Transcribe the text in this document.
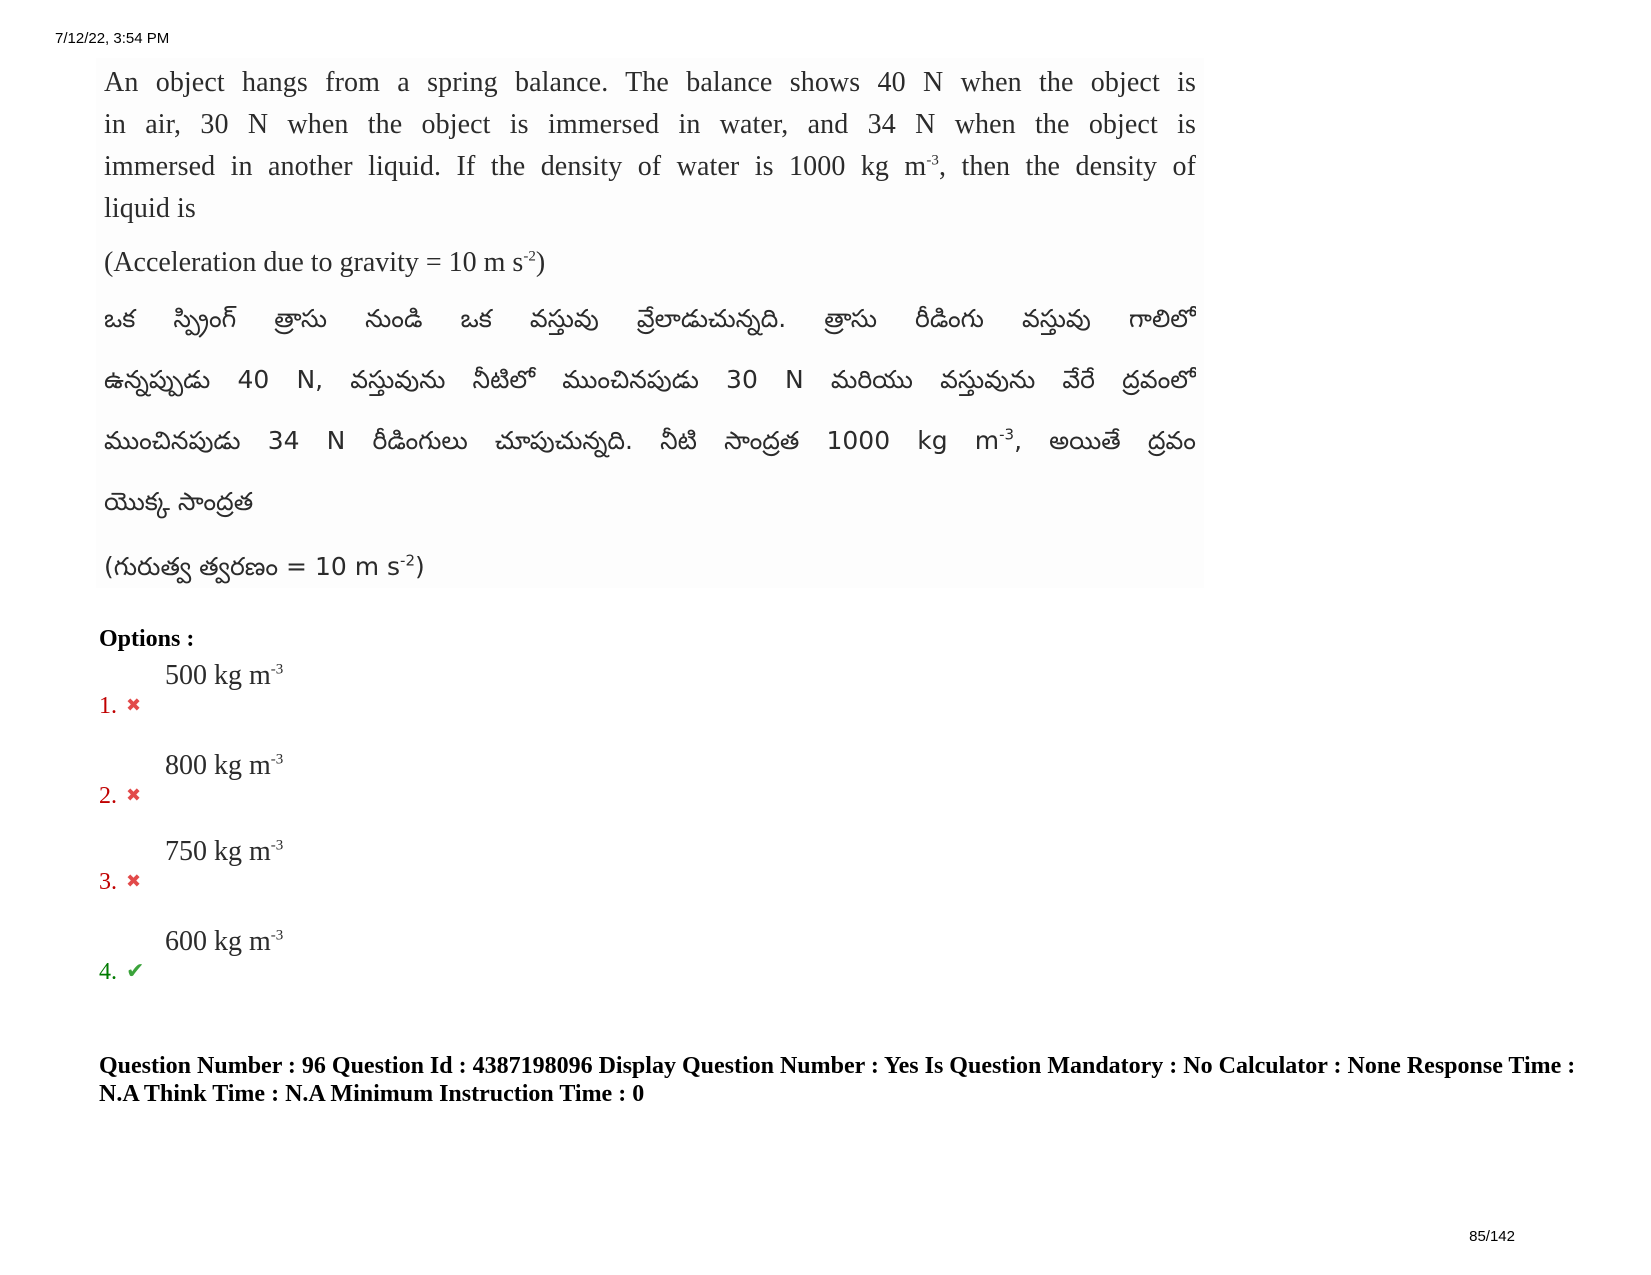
7/12/22, 3:54 PM
An object hangs from a spring balance. The balance shows 40 N when the object is
in air, 30 N when the object is immersed in water, and 34 N when the object is
immersed in another liquid. If the density of water is 1000 kg $m^{-3}$, then the density of
liquid is
(Acceleration due to gravity = 10 m $s^{-2}$)
ఒక స్ప్రింగ్ త్రాసు నుండి ఒక వస్తువు వ్రేలాడుచున్నది. త్రాసు రీడింగు వస్తువు గాలిలో
ఉన్నప్పుడు 40 N, వస్తువును నీటిలో ముంచినపుడు 30 N మరియు వస్తువును వేరే ద్రవంలో
ముంచినపుడు 34 N రీడింగులు చూపుచున్నది. నీటి సాంద్రత 1000 kg $m^{-3}$, అయితే ద్రవం
యొక్క సాంద్రత
(గురుత్వ త్వరణం = 10 m $s^{-2}$)
Options :
1. ✖
500 kg $m^{-3}$
2. ✖
800 kg $m^{-3}$
3. ✖
750 kg $m^{-3}$
4. ✔
600 kg $m^{-3}$
Question Number : 96 Question Id : 4387198096 Display Question Number : Yes Is Question Mandatory : No Calculator : None Response Time : N.A Think Time : N.A Minimum Instruction Time : 0
85/142
